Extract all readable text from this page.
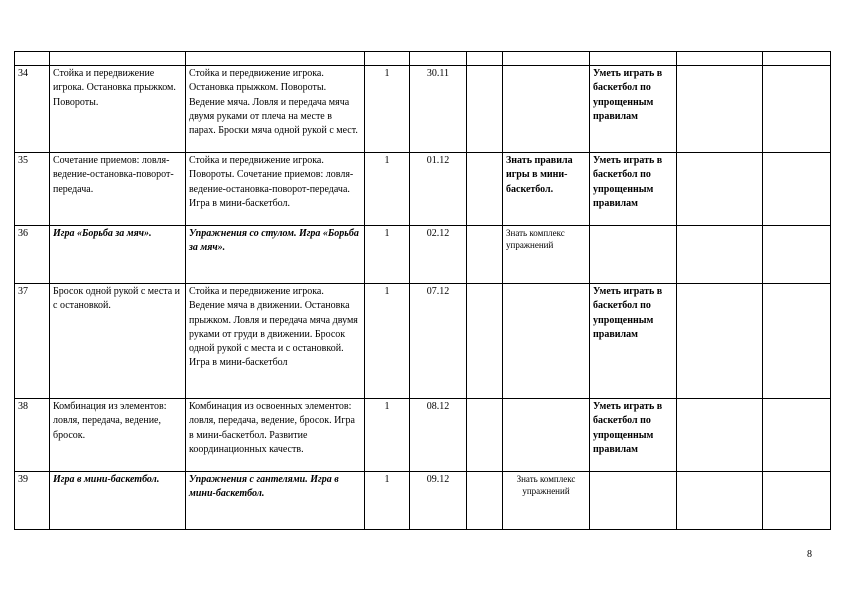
34	Стойка и передвижение игрока. Остановка прыжком. Повороты.	Стойка и передвижение игрока. Остановка прыжком. Повороты. Ведение мяча. Ловля и передача мяча двумя руками от плеча на месте в парах. Броски мяча одной рукой с мест.	1	30.11			Уметь играть в баскетбол по упрощенным правилам		
35	Сочетание приемов: ловля-ведение-остановка-поворот-передача.	Стойка и передвижение игрока. Повороты. Сочетание приемов: ловля-ведение-остановка-поворот-передача. Игра в мини-баскетбол.	1	01.12		Знать правила игры в мини-баскетбол.	Уметь играть в баскетбол по упрощенным правилам		
36	Игра «Борьба за мяч».	Упражнения со стулом. Игра «Борьба за мяч».	1	02.12		Знать комплекс упражнений			
37	Бросок одной рукой с места и с остановкой.	Стойка и передвижение игрока. Ведение мяча в движении. Остановка прыжком. Ловля и передача мяча двумя руками от груди в движении. Бросок одной рукой с места и с остановкой. Игра в мини-баскетбол	1	07.12			Уметь играть в баскетбол по упрощенным правилам		
38	Комбинация из элементов: ловля, передача, ведение, бросок.	Комбинация из освоенных элементов: ловля, передача, ведение, бросок. Игра в мини-баскетбол. Развитие координационных качеств.	1	08.12			Уметь играть в баскетбол по упрощенным правилам		
39	Игра в мини-баскетбол.	Упражнения с гантелями. Игра в мини-баскетбол.	1	09.12		Знать комплекс упражнений			
8
